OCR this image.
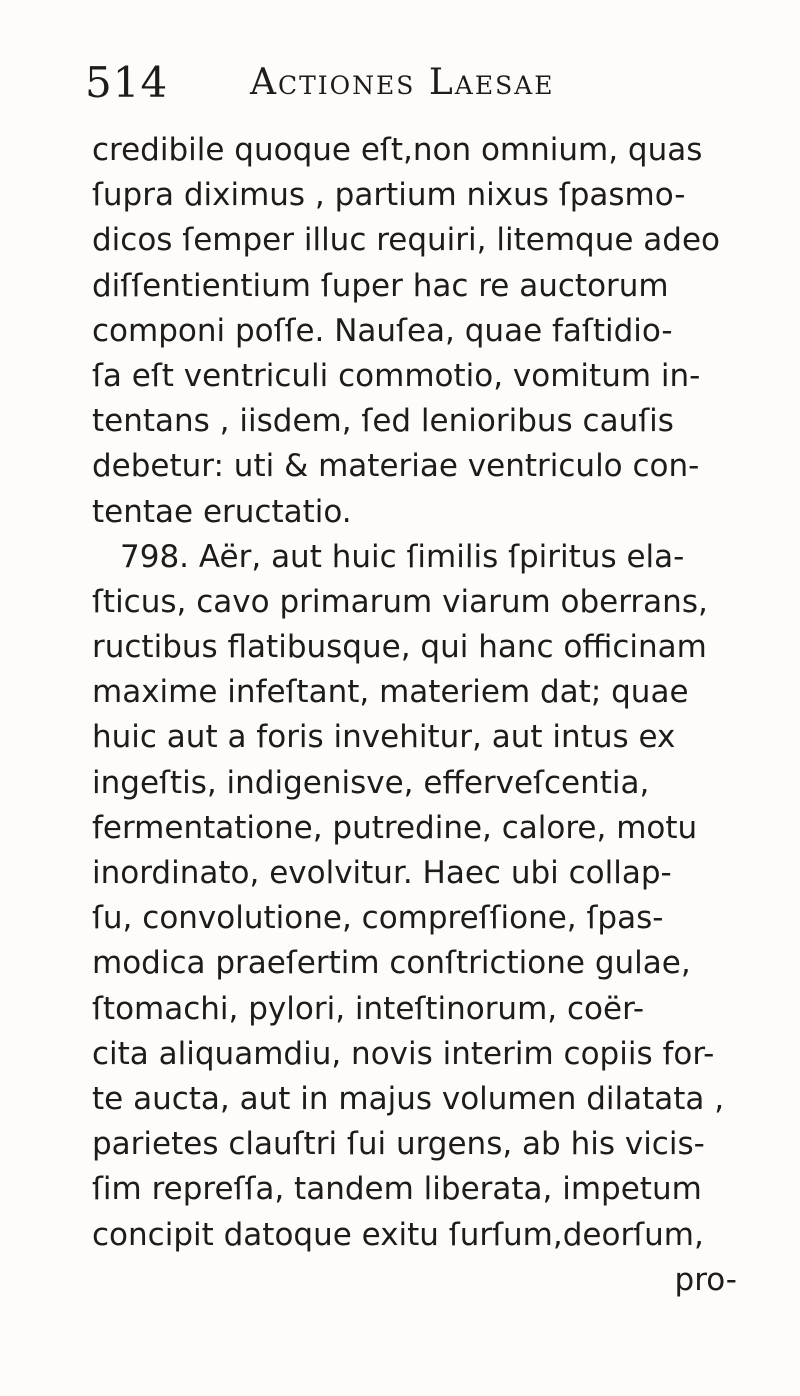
514 Actiones Laesae
credibile quoque eſt,non omnium, quas
ſupra diximus , partium nixus ſpasmo-
dicos ſemper illuc requiri, litemque adeo
diſſentientium ſuper hac re auctorum
componi poſſe. Nauſea, quae faſtidio-
ſa eſt ventriculi commotio, vomitum in-
tentans , iisdem, ſed lenioribus cauſis
debetur: uti & materiae ventriculo con-
tentae eructatio.
798. Aër, aut huic ſimilis ſpiritus ela-
ſticus, cavo primarum viarum oberrans,
ructibus flatibusque, qui hanc officinam
maxime infeſtant, materiem dat; quae
huic aut a foris invehitur, aut intus ex
ingeſtis, indigenisve, efferveſcentia,
fermentatione, putredine, calore, motu
inordinato, evolvitur. Haec ubi collap-
ſu, convolutione, compreſſione, ſpas-
modica praeſertim conſtrictione gulae,
ſtomachi, pylori, inteſtinorum, coër-
cita aliquamdiu, novis interim copiis for-
te aucta, aut in majus volumen dilatata ,
parietes clauſtri ſui urgens, ab his vicis-
ſim repreſſa, tandem liberata, impetum
concipit datoque exitu ſurſum,deorſum,
pro-
